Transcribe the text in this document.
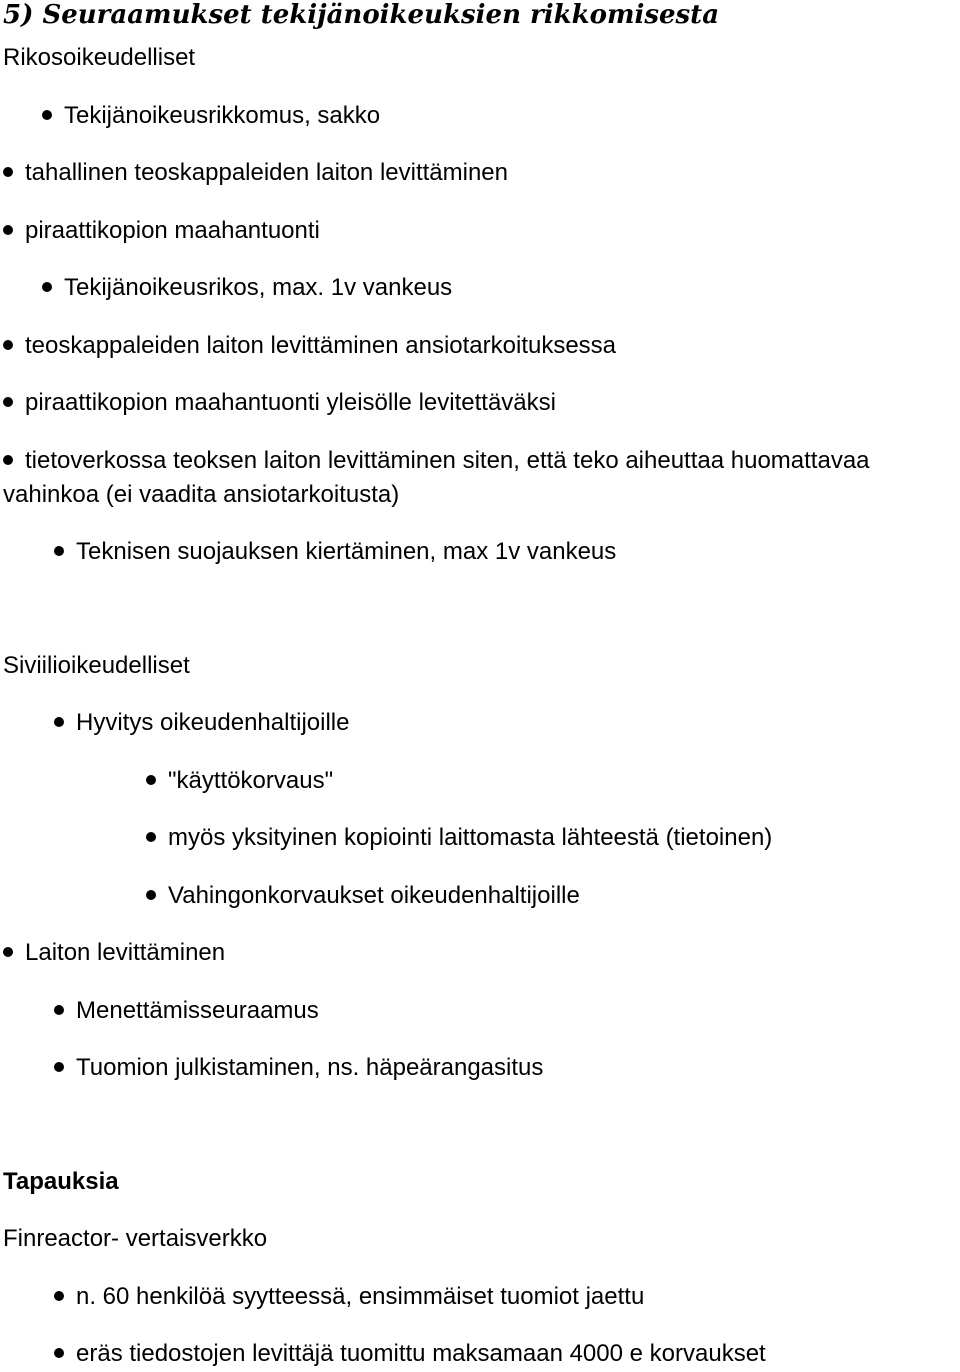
5) Seuraamukset tekijänoikeuksien rikkomisesta
Rikosoikeudelliset
Tekijänoikeusrikkomus, sakko
tahallinen teoskappaleiden laiton levittäminen
piraattikopion maahantuonti
Tekijänoikeusrikos, max. 1v vankeus
teoskappaleiden laiton levittäminen ansiotarkoituksessa
piraattikopion maahantuonti yleisölle levitettäväksi
tietoverkossa teoksen laiton levittäminen siten, että teko aiheuttaa huomattavaa
vahinkoa (ei vaadita ansiotarkoitusta)
Teknisen suojauksen kiertäminen, max 1v vankeus
Siviilioikeudelliset
Hyvitys oikeudenhaltijoille
"käyttökorvaus"
myös yksityinen kopiointi laittomasta lähteestä (tietoinen)
Vahingonkorvaukset oikeudenhaltijoille
Laiton levittäminen
Menettämisseuraamus
Tuomion julkistaminen, ns. häpeärangasitus
Tapauksia
Finreactor- vertaisverkko
n. 60 henkilöä syytteessä, ensimmäiset tuomiot jaettu
eräs tiedostojen levittäjä tuomittu maksamaan 4000 e korvaukset
